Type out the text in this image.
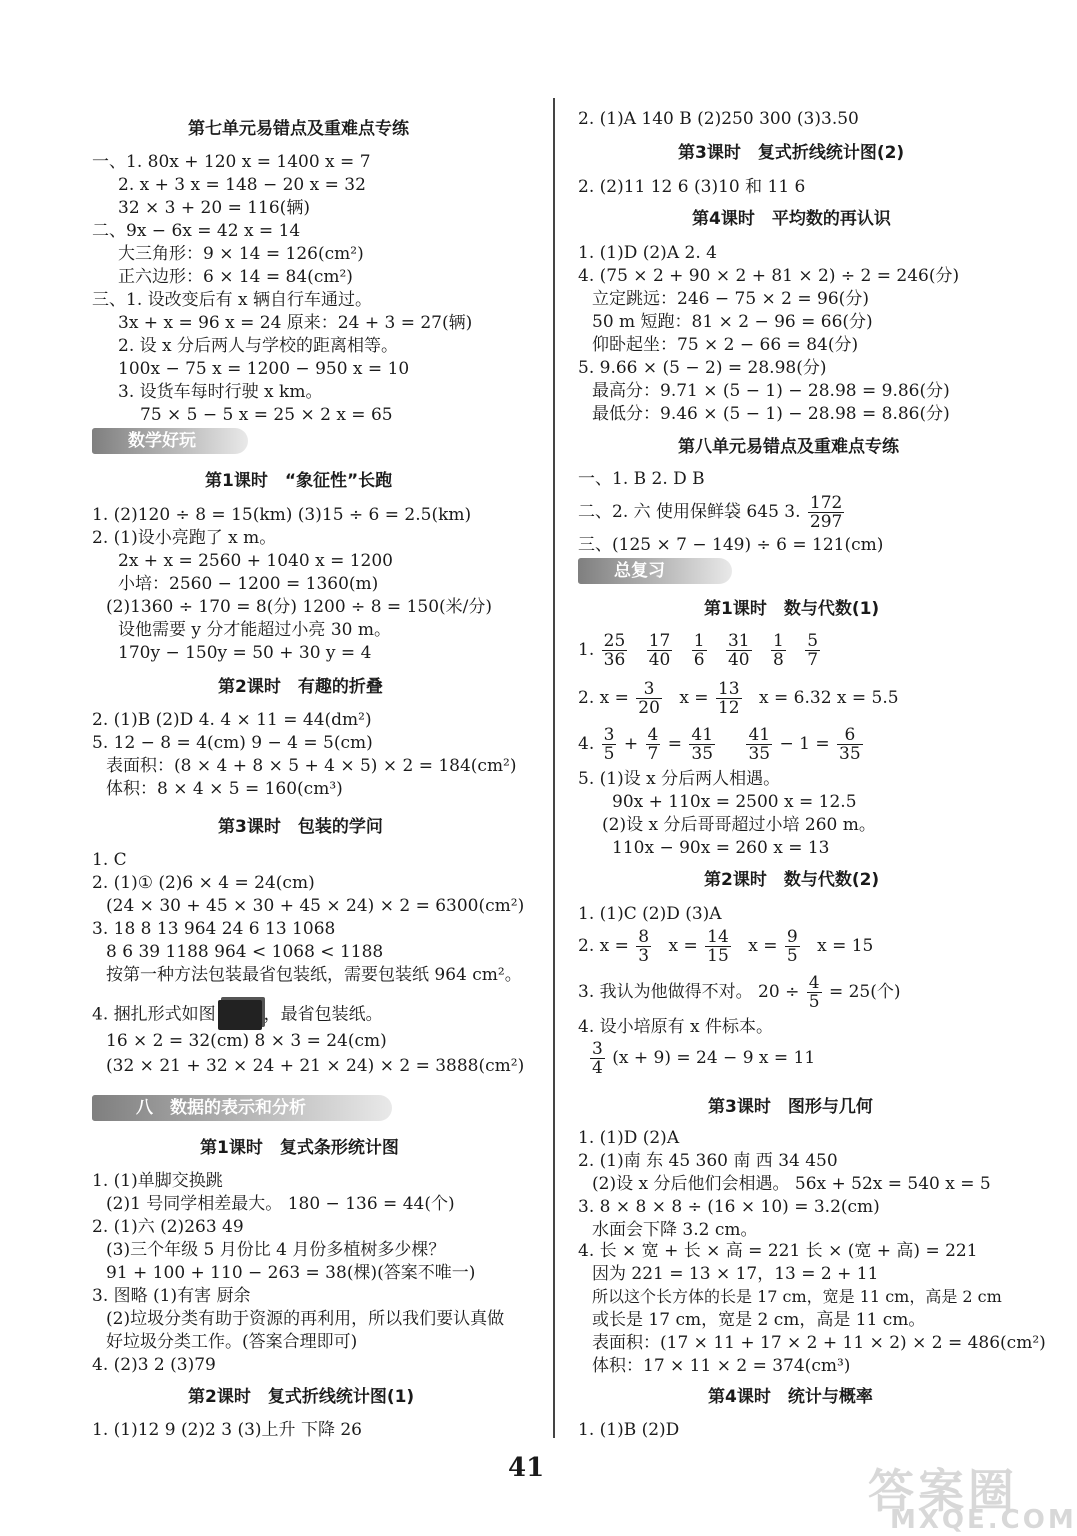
第七单元易错点及重难点专练
一、1. 80x + 120 x = 1400 x = 7
2. x + 3 x = 148 − 20 x = 32
32 × 3 + 20 = 116(辆)
二、9x − 6x = 42 x = 14
大三角形：9 × 14 = 126(cm²)
正六边形：6 × 14 = 84(cm²)
三、1. 设改变后有 x 辆自行车通过。
3x + x = 96 x = 24 原来：24 + 3 = 27(辆)
2. 设 x 分后两人与学校的距离相等。
100x − 75 x = 1200 − 950 x = 10
3. 设货车每时行驶 x km。
75 × 5 − 5 x = 25 × 2 x = 65
数学好玩
第1课时　“象征性”长跑
1. (2)120 ÷ 8 = 15(km) (3)15 ÷ 6 = 2.5(km)
2. (1)设小亮跑了 x m。
2x + x = 2560 + 1040 x = 1200
小培：2560 − 1200 = 1360(m)
(2)1360 ÷ 170 = 8(分) 1200 ÷ 8 = 150(米/分)
设他需要 y 分才能超过小亮 30 m。
170y − 150y = 50 + 30 y = 4
第2课时　有趣的折叠
2. (1)B (2)D 4. 4 × 11 = 44(dm²)
5. 12 − 8 = 4(cm) 9 − 4 = 5(cm)
表面积：(8 × 4 + 8 × 5 + 4 × 5) × 2 = 184(cm²)
体积：8 × 4 × 5 = 160(cm³)
第3课时　包装的学问
1. C
2. (1)① (2)6 × 4 = 24(cm)
(24 × 30 + 45 × 30 + 45 × 24) × 2 = 6300(cm²)
3. 18 8 13 964 24 6 13 1068
8 6 39 1188 964 < 1068 < 1188
按第一种方法包装最省包装纸，需要包装纸 964 cm²。
4. 捆扎形式如图	，最省包装纸。
16 × 2 = 32(cm) 8 × 3 = 24(cm)
(32 × 21 + 32 × 24 + 21 × 24) × 2 = 3888(cm²)
八　数据的表示和分析
第1课时　复式条形统计图
1. (1)单脚交换跳
(2)1 号同学相差最大。 180 − 136 = 44(个)
2. (1)六 (2)263 49
(3)三个年级 5 月份比 4 月份多植树多少棵？
91 + 100 + 110 − 263 = 38(棵)(答案不唯一)
3. 图略 (1)有害 厨余
(2)垃圾分类有助于资源的再利用，所以我们要认真做
好垃圾分类工作。(答案合理即可)
4. (2)3 2 (3)79
第2课时　复式折线统计图(1)
1. (1)12 9 (2)2 3 (3)上升 下降 26
2. (1)A 140 B (2)250 300 (3)3.50
第3课时　复式折线统计图(2)
2. (2)11 12 6 (3)10 和 11 6
第4课时　平均数的再认识
1. (1)D (2)A 2. 4
4. (75 × 2 + 90 × 2 + 81 × 2) ÷ 2 = 246(分)
立定跳远：246 − 75 × 2 = 96(分)
50 m 短跑：81 × 2 − 96 = 66(分)
仰卧起坐：75 × 2 − 66 = 84(分)
5. 9.66 × (5 − 2) = 28.98(分)
最高分：9.71 × (5 − 1) − 28.98 = 9.86(分)
最低分：9.46 × (5 − 1) − 28.98 = 8.86(分)
第八单元易错点及重难点专练
一、1. B 2. D B
二、2. 六 使用保鲜袋 645 3. $\frac{172}{297}$
三、(125 × 7 − 149) ÷ 6 = 121(cm)
总复习
第1课时　数与代数(1)
1. $\frac{25}{36}$
$\frac{17}{40}$
$\frac{1}{6}$
$\frac{31}{40}$
$\frac{1}{8}$
$\frac{5}{7}$
2. $x = \frac{3}{20}$ $x = \frac{13}{12}$ x = 6.32 x = 5.5
4. $\frac{3}{5} + \frac{4}{7} = \frac{41}{35}$
$\frac{41}{35} - 1 = \frac{6}{35}$
5. (1)设 x 分后两人相遇。
90x + 110x = 2500 x = 12.5
(2)设 x 分后哥哥超过小培 260 m。
110x − 90x = 260 x = 13
第2课时　数与代数(2)
1. (1)C (2)D (3)A
2. $x = \frac{8}{3}$ $x = \frac{14}{15}$ $x = \frac{9}{5}$ x = 15
3. 我认为他做得不对。 $20 \div \frac{4}{5} = 25$(个)
4. 设小培原有 x 件标本。
$\frac{3}{4} (x + 9) = 24 - 9$ x = 11
第3课时　图形与几何
1. (1)D (2)A
2. (1)南 东 45 360 南 西 34 450
(2)设 x 分后他们会相遇。 56x + 52x = 540 x = 5
3. 8 × 8 × 8 ÷ (16 × 10) = 3.2(cm)
水面会下降 3.2 cm。
4. 长 × 宽 + 长 × 高 = 221 长 × (宽 + 高) = 221
因为 221 = 13 × 17，13 = 2 + 11
所以这个长方体的长是 17 cm，宽是 11 cm，高是 2 cm
或长是 17 cm，宽是 2 cm，高是 11 cm。
表面积：(17 × 11 + 17 × 2 + 11 × 2) × 2 = 486(cm²)
体积：17 × 11 × 2 = 374(cm³)
第4课时　统计与概率
1. (1)B (2)D
41	答案圈
MXQE.COM
